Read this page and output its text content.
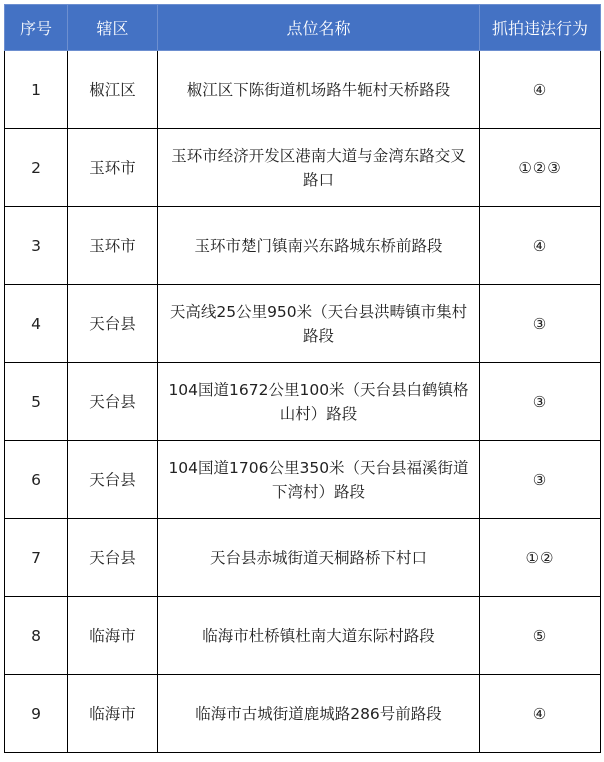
序号	辖区	点位名称	抓拍违法行为
1	椒江区	椒江区下陈街道机场路牛轭村天桥路段	④
2	玉环市	玉环市经济开发区港南大道与金湾东路交叉路口	①②③
3	玉环市	玉环市楚门镇南兴东路城东桥前路段	④
4	天台县	天高线25公里950米（天台县洪畴镇市集村路段	③
5	天台县	104国道1672公里100米（天台县白鹤镇格山村）路段	③
6	天台县	104国道1706公里350米（天台县福溪街道下湾村）路段	③
7	天台县	天台县赤城街道天桐路桥下村口	①②
8	临海市	临海市杜桥镇杜南大道东际村路段	⑤
9	临海市	临海市古城街道鹿城路286号前路段	④
